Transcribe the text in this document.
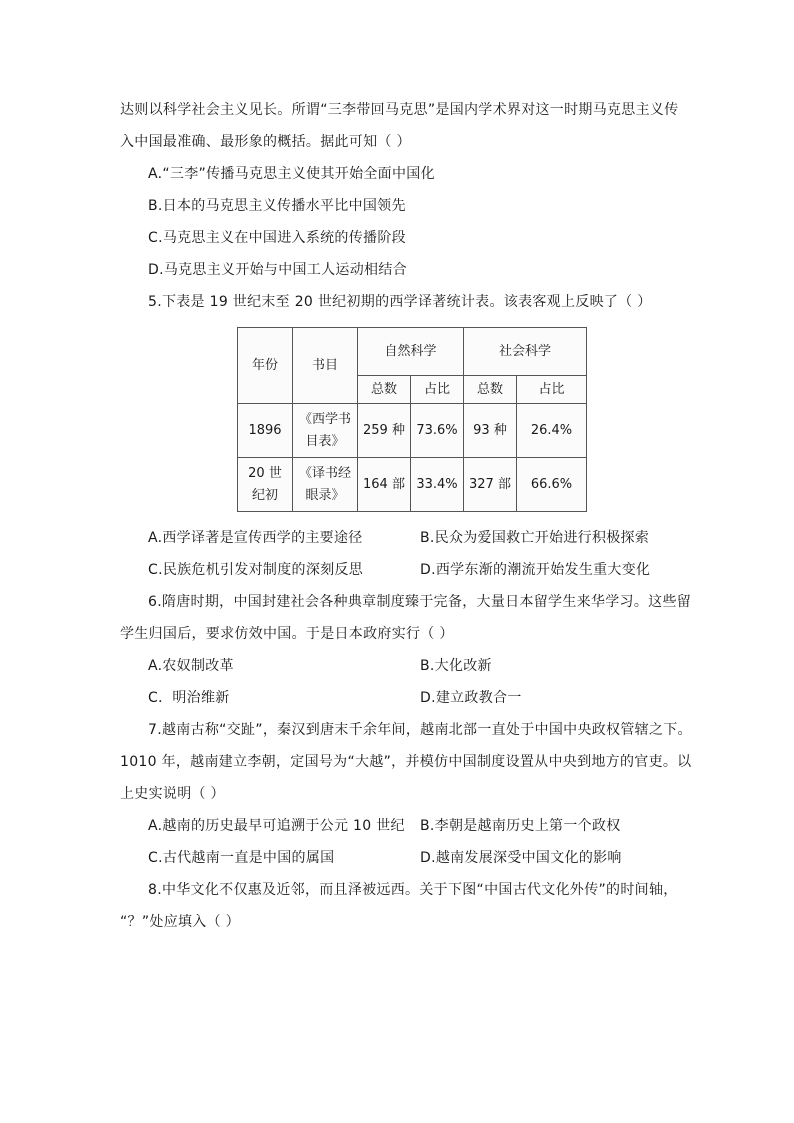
达则以科学社会主义见长。所谓“三李带回马克思”是国内学术界对这一时期马克思主义传
入中国最准确、最形象的概括。据此可知（ ）
A.“三李”传播马克思主义使其开始全面中国化
B.日本的马克思主义传播水平比中国领先
C.马克思主义在中国进入系统的传播阶段
D.马克思主义开始与中国工人运动相结合
5.下表是 19 世纪末至 20 世纪初期的西学译著统计表。该表客观上反映了（ ）
年份	书目	自然科学		社会科学	
		总数	占比	总数	占比
1896	《西学书目表》	259 种	73.6%	93 种	26.4%
20 世纪初	《译书经眼录》	164 部	33.4%	327 部	66.6%
A.西学译著是宣传西学的主要途径	B.民众为爱国救亡开始进行积极探索
C.民族危机引发对制度的深刻反思	D.西学东渐的潮流开始发生重大变化
6.隋唐时期，中国封建社会各种典章制度臻于完备，大量日本留学生来华学习。这些留
学生归国后，要求仿效中国。于是日本政府实行（ ）
A.农奴制改革	B.大化改新
C．明治维新	D.建立政教合一
7.越南古称“交趾”，秦汉到唐末千余年间，越南北部一直处于中国中央政权管辖之下。
1010 年，越南建立李朝，定国号为“大越”，并模仿中国制度设置从中央到地方的官吏。以
上史实说明（ ）
A.越南的历史最早可追溯于公元 10 世纪 B.李朝是越南历史上第一个政权
C.古代越南一直是中国的属国	D.越南发展深受中国文化的影响
8.中华文化不仅惠及近邻，而且泽被远西。关于下图“中国古代文化外传”的时间轴，
“？”处应填入（ ）
